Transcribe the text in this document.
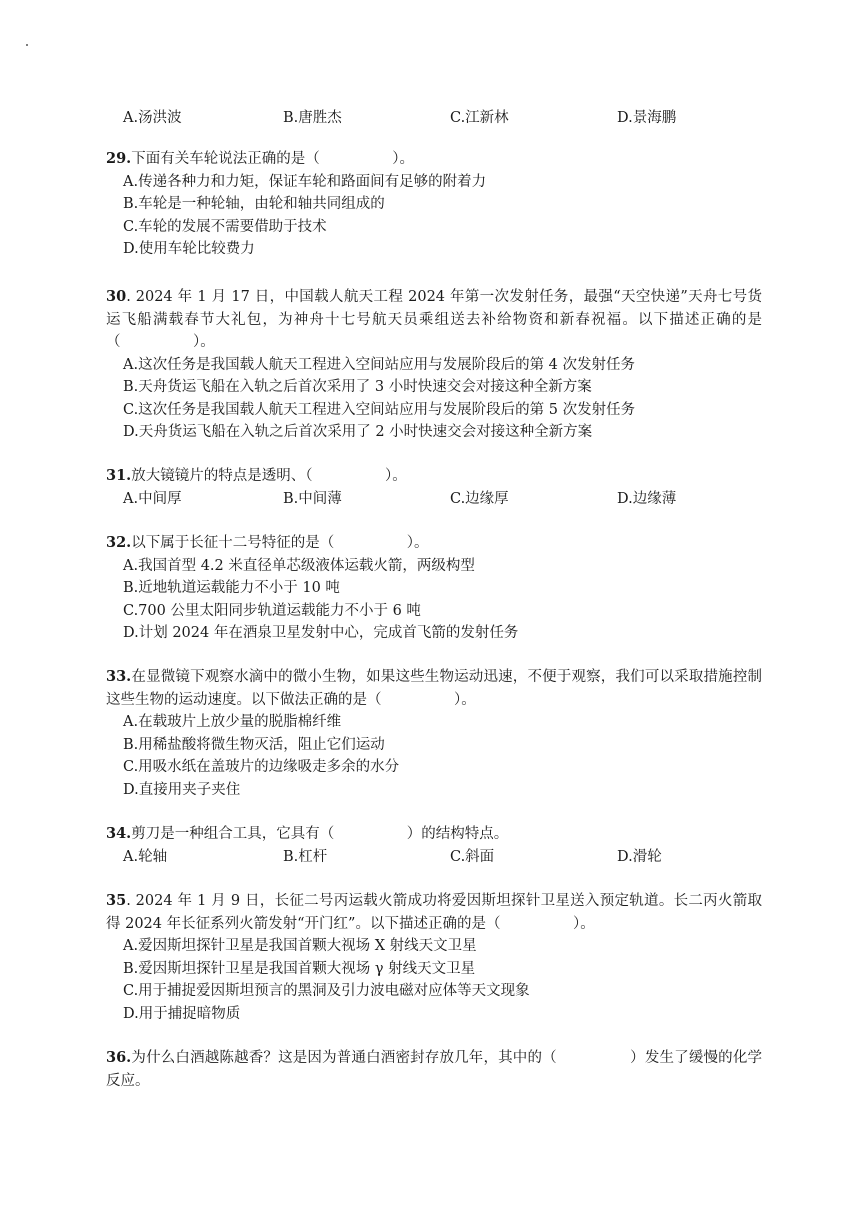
A.汤洪波	B.唐胜杰	C.江新林	D.景海鹏
29.下面有关车轮说法正确的是（　　　　　）。
A.传递各种力和力矩，保证车轮和路面间有足够的附着力
B.车轮是一种轮轴，由轮和轴共同组成的
C.车轮的发展不需要借助于技术
D.使用车轮比较费力
30. 2024 年 1 月 17 日，中国载人航天工程 2024 年第一次发射任务，最强“天空快递”天舟七号货运飞船满载春节大礼包，为神舟十七号航天员乘组送去补给物资和新春祝福。以下描述正确的是（　　　　　）。
A.这次任务是我国载人航天工程进入空间站应用与发展阶段后的第 4 次发射任务
B.天舟货运飞船在入轨之后首次采用了 3 小时快速交会对接这种全新方案
C.这次任务是我国载人航天工程进入空间站应用与发展阶段后的第 5 次发射任务
D.天舟货运飞船在入轨之后首次采用了 2 小时快速交会对接这种全新方案
31.放大镜镜片的特点是透明、（　　　　　）。
A.中间厚	B.中间薄	C.边缘厚	D.边缘薄
32.以下属于长征十二号特征的是（　　　　　）。
A.我国首型 4.2 米直径单芯级液体运载火箭，两级构型
B.近地轨道运载能力不小于 10 吨
C.700 公里太阳同步轨道运载能力不小于 6 吨
D.计划 2024 年在酒泉卫星发射中心，完成首飞箭的发射任务
33.在显微镜下观察水滴中的微小生物，如果这些生物运动迅速，不便于观察，我们可以采取措施控制这些生物的运动速度。以下做法正确的是（　　　　　）。
A.在载玻片上放少量的脱脂棉纤维
B.用稀盐酸将微生物灭活，阻止它们运动
C.用吸水纸在盖玻片的边缘吸走多余的水分
D.直接用夹子夹住
34.剪刀是一种组合工具，它具有（　　　　　）的结构特点。
A.轮轴	B.杠杆	C.斜面	D.滑轮
35. 2024 年 1 月 9 日，长征二号丙运载火箭成功将爱因斯坦探针卫星送入预定轨道。长二丙火箭取得 2024 年长征系列火箭发射“开门红”。以下描述正确的是（　　　　　）。
A.爱因斯坦探针卫星是我国首颗大视场 X 射线天文卫星
B.爱因斯坦探针卫星是我国首颗大视场 γ 射线天文卫星
C.用于捕捉爱因斯坦预言的黑洞及引力波电磁对应体等天文现象
D.用于捕捉暗物质
36.为什么白酒越陈越香？这是因为普通白酒密封存放几年，其中的（　　　　　）发生了缓慢的化学反应。
